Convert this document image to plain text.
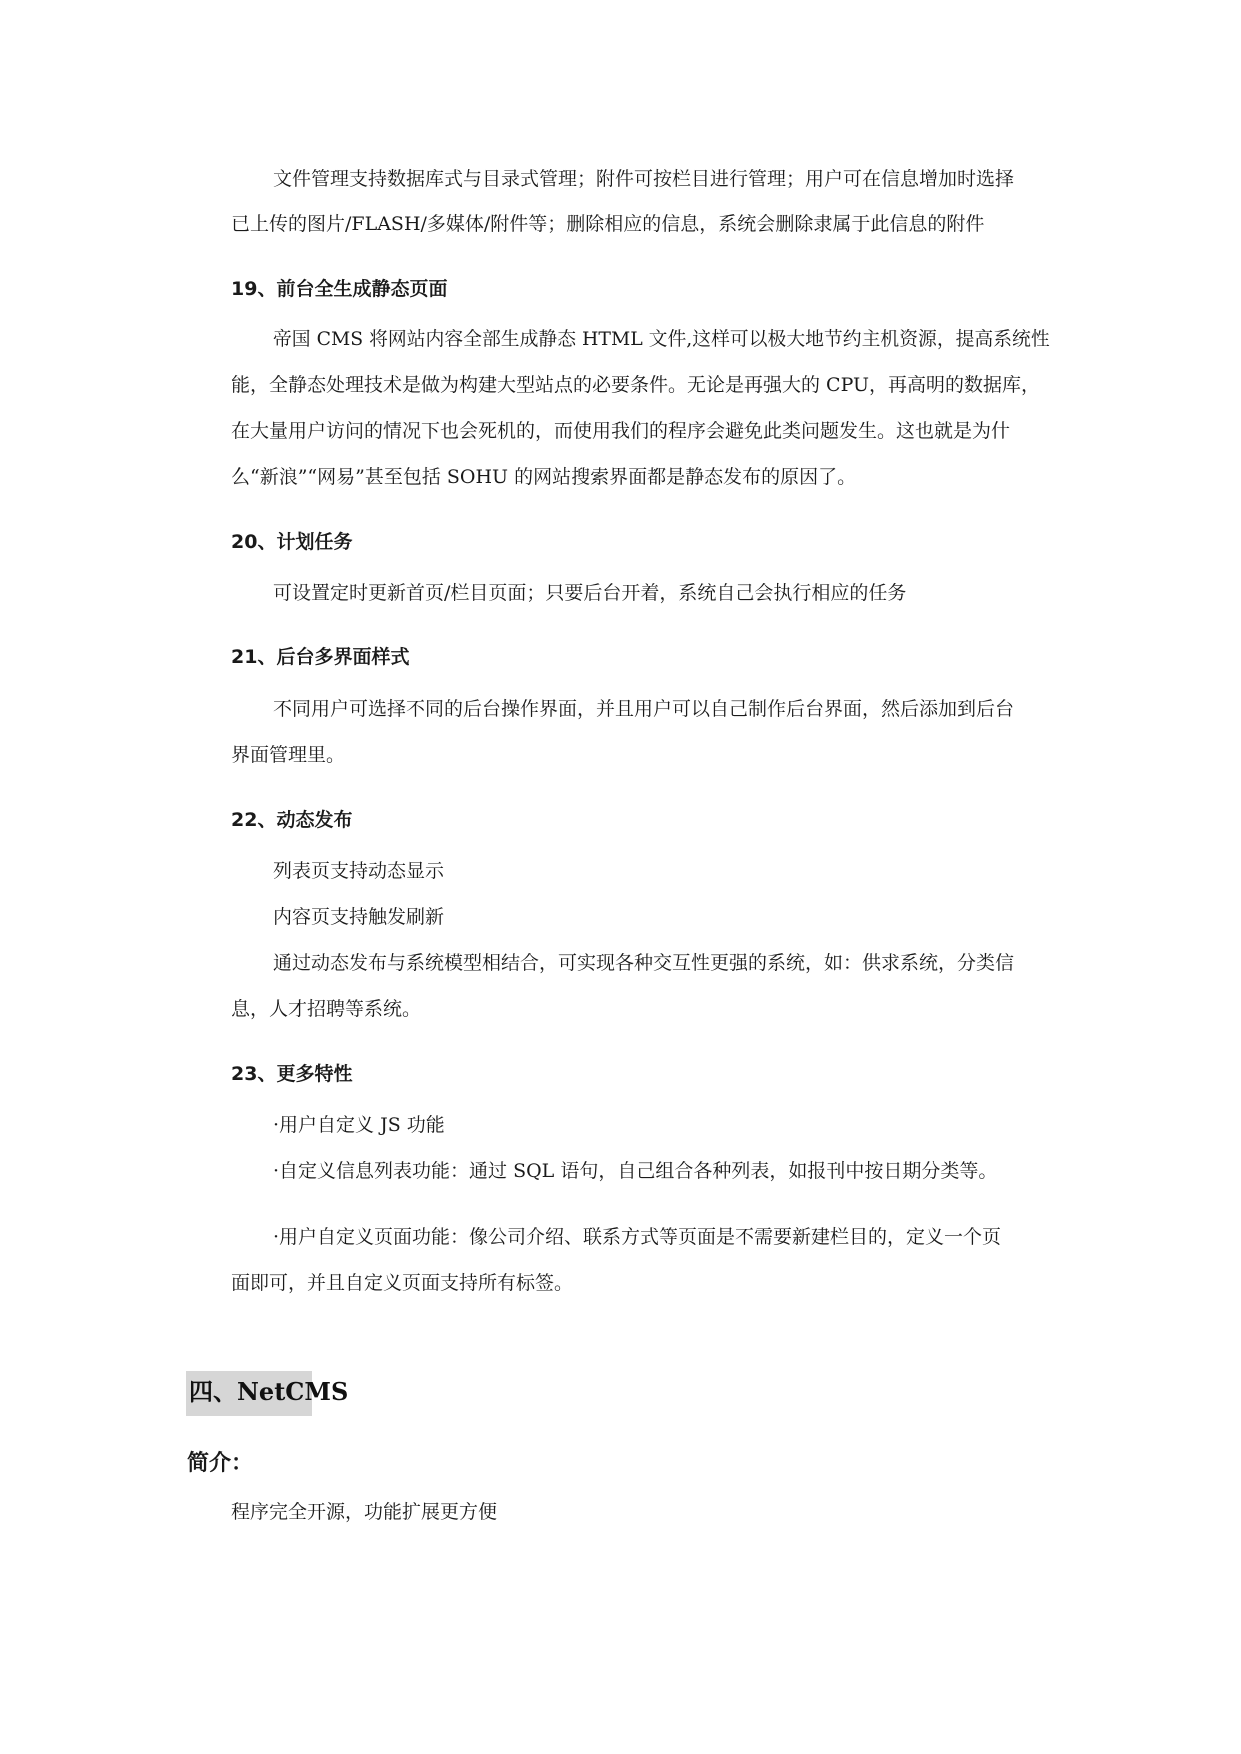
文件管理支持数据库式与目录式管理；附件可按栏目进行管理；用户可在信息增加时选择
已上传的图片/FLASH/多媒体/附件等；删除相应的信息，系统会删除隶属于此信息的附件
19、前台全生成静态页面
帝国 CMS 将网站内容全部生成静态 HTML 文件,这样可以极大地节约主机资源，提高系统性
能，全静态处理技术是做为构建大型站点的必要条件。无论是再强大的 CPU，再高明的数据库，
在大量用户访问的情况下也会死机的，而使用我们的程序会避免此类问题发生。这也就是为什
么“新浪”“网易”甚至包括 SOHU 的网站搜索界面都是静态发布的原因了。
20、计划任务
可设置定时更新首页/栏目页面；只要后台开着，系统自己会执行相应的任务
21、后台多界面样式
不同用户可选择不同的后台操作界面，并且用户可以自己制作后台界面，然后添加到后台
界面管理里。
22、动态发布
列表页支持动态显示
内容页支持触发刷新
通过动态发布与系统模型相结合，可实现各种交互性更强的系统，如：供求系统，分类信
息，人才招聘等系统。
23、更多特性
·用户自定义 JS 功能
·自定义信息列表功能：通过 SQL 语句，自己组合各种列表，如报刊中按日期分类等。
·用户自定义页面功能：像公司介绍、联系方式等页面是不需要新建栏目的，定义一个页
面即可，并且自定义页面支持所有标签。
四、NetCMS
简介：
程序完全开源，功能扩展更方便
